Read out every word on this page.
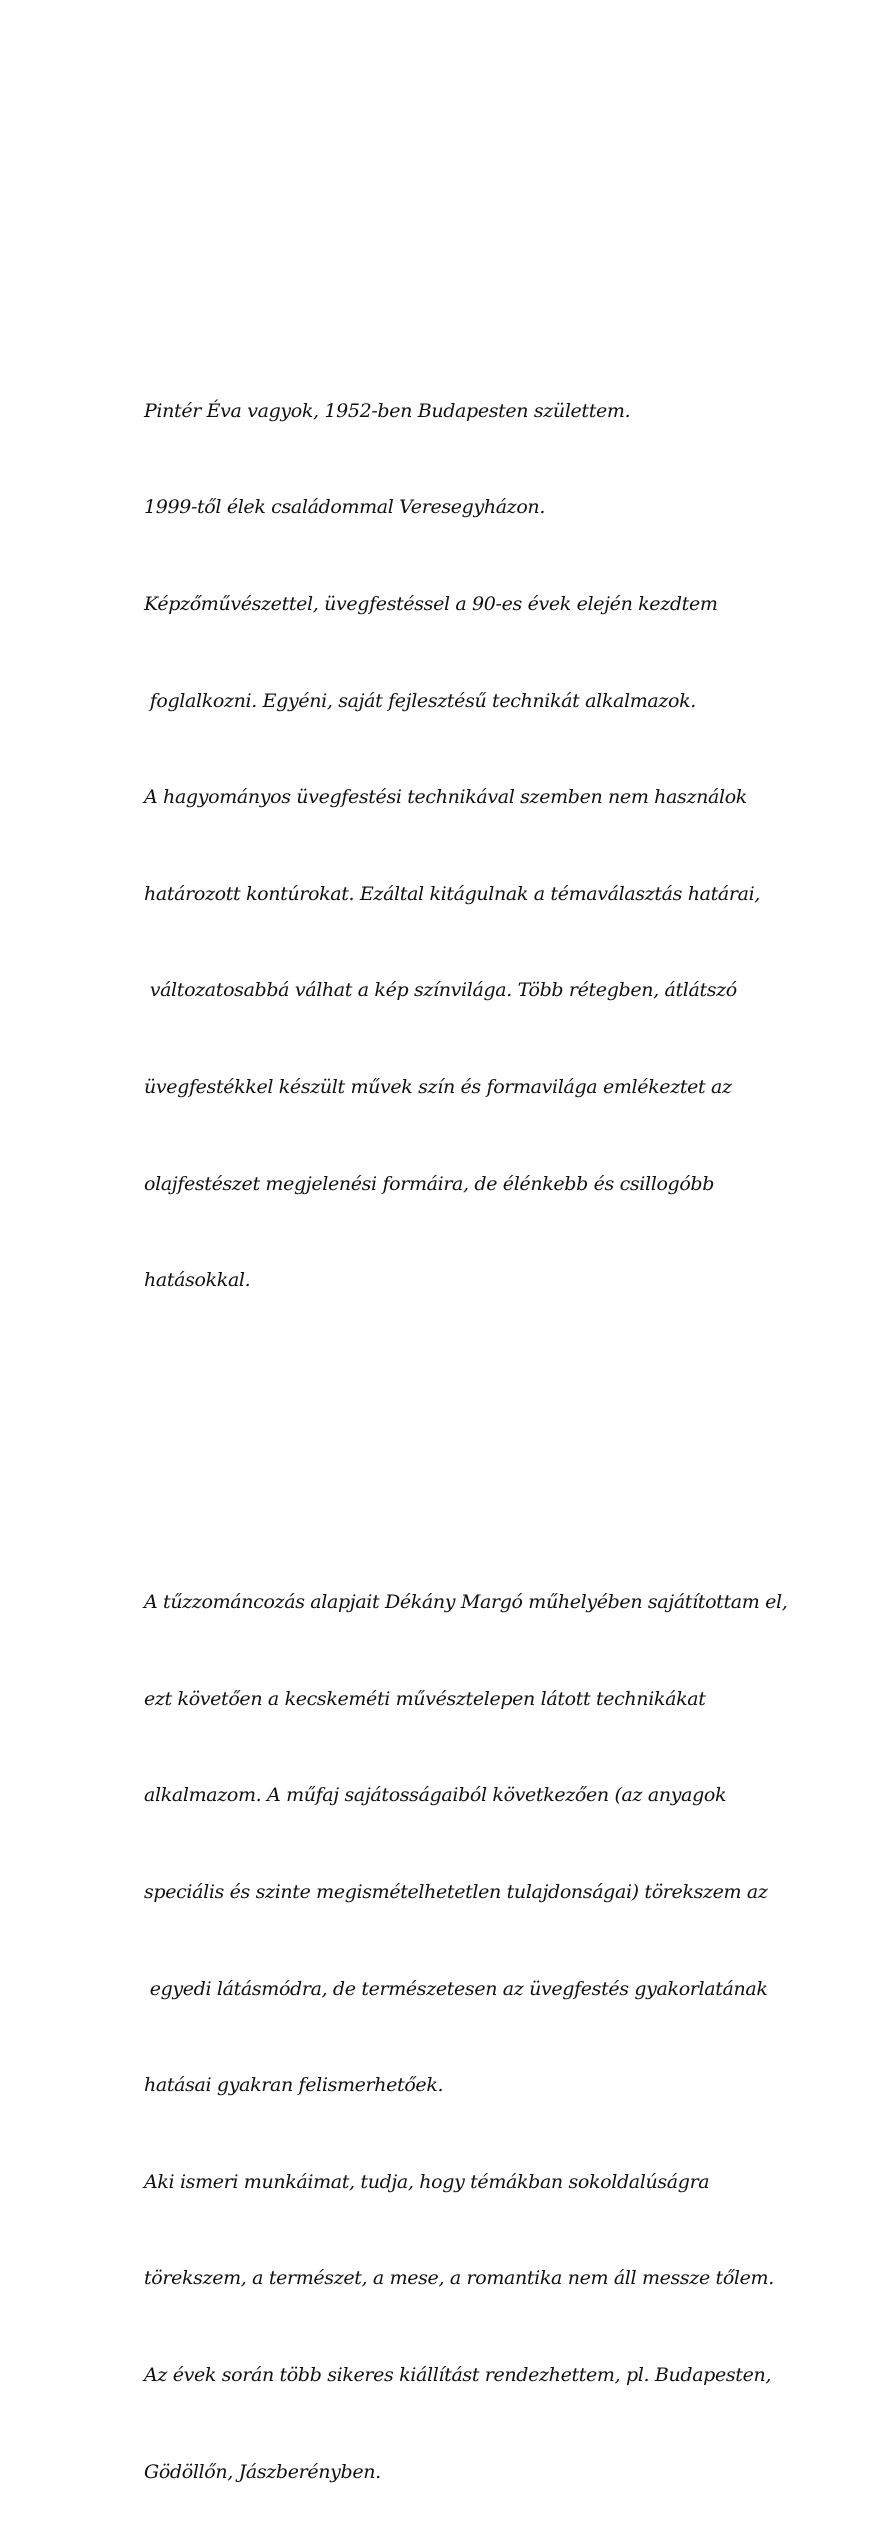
Pintér Éva vagyok, 1952-ben Budapesten születtem.

1999-től élek családommal Veresegyházon.

Képzőművészettel, üvegfestéssel a 90-es évek elején kezdtem

foglalkozni. Egyéni, saját fejlesztésű technikát alkalmazok.

A hagyományos üvegfestési technikával szemben nem használok

határozott kontúrokat. Ezáltal kitágulnak a témaválasztás határai,

változatosabbá válhat a kép színvilága. Több rétegben, átlátszó

üvegfestékkel készült művek szín és formavilága emlékeztet az

olajfestészet megjelenési formáira, de élénkebb és csillogóbb

hatásokkal.

A tűzzománcozás alapjait Dékány Margó műhelyében sajátítottam el,

ezt követően a kecskeméti művésztelepen látott technikákat

alkalmazom. A műfaj sajátosságaiból következően (az anyagok

speciális és szinte megismételhetetlen tulajdonságai) törekszem az

egyedi látásmódra, de természetesen az üvegfestés gyakorlatának

hatásai gyakran felismerhetőek.

Aki ismeri munkáimat, tudja, hogy témákban sokoldalúságra

törekszem, a természet, a mese, a romantika nem áll messze tőlem.

Az évek során több sikeres kiállítást rendezhettem, pl. Budapesten,

Gödöllőn, Jászberényben.
